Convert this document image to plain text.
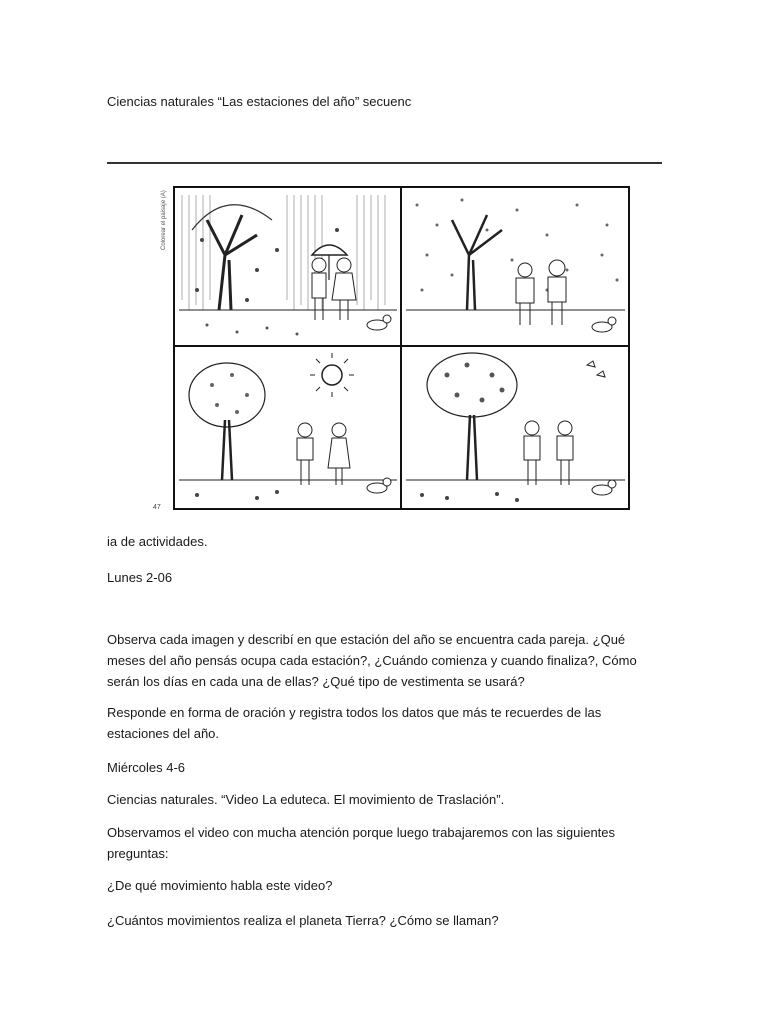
Ciencias naturales “Las estaciones del año” secuenc
Colorear el paisaje (A)
47
ia de actividades.
Lunes 2-06
Observa cada imagen y describí en que estación del año se encuentra cada pareja. ¿Qué meses del año pensás ocupa cada estación?, ¿Cuándo comienza y cuando finaliza?, Cómo serán los días en cada una de ellas? ¿Qué tipo de vestimenta se usará?
Responde en forma de oración y registra todos los datos que más te recuerdes de las estaciones del año.
Miércoles 4-6
Ciencias naturales. “Video La eduteca. El movimiento de Traslación”.
Observamos el video con mucha atención porque luego trabajaremos con las siguientes preguntas:
¿De qué movimiento habla este video?
¿Cuántos movimientos realiza el planeta Tierra? ¿Cómo se llaman?
